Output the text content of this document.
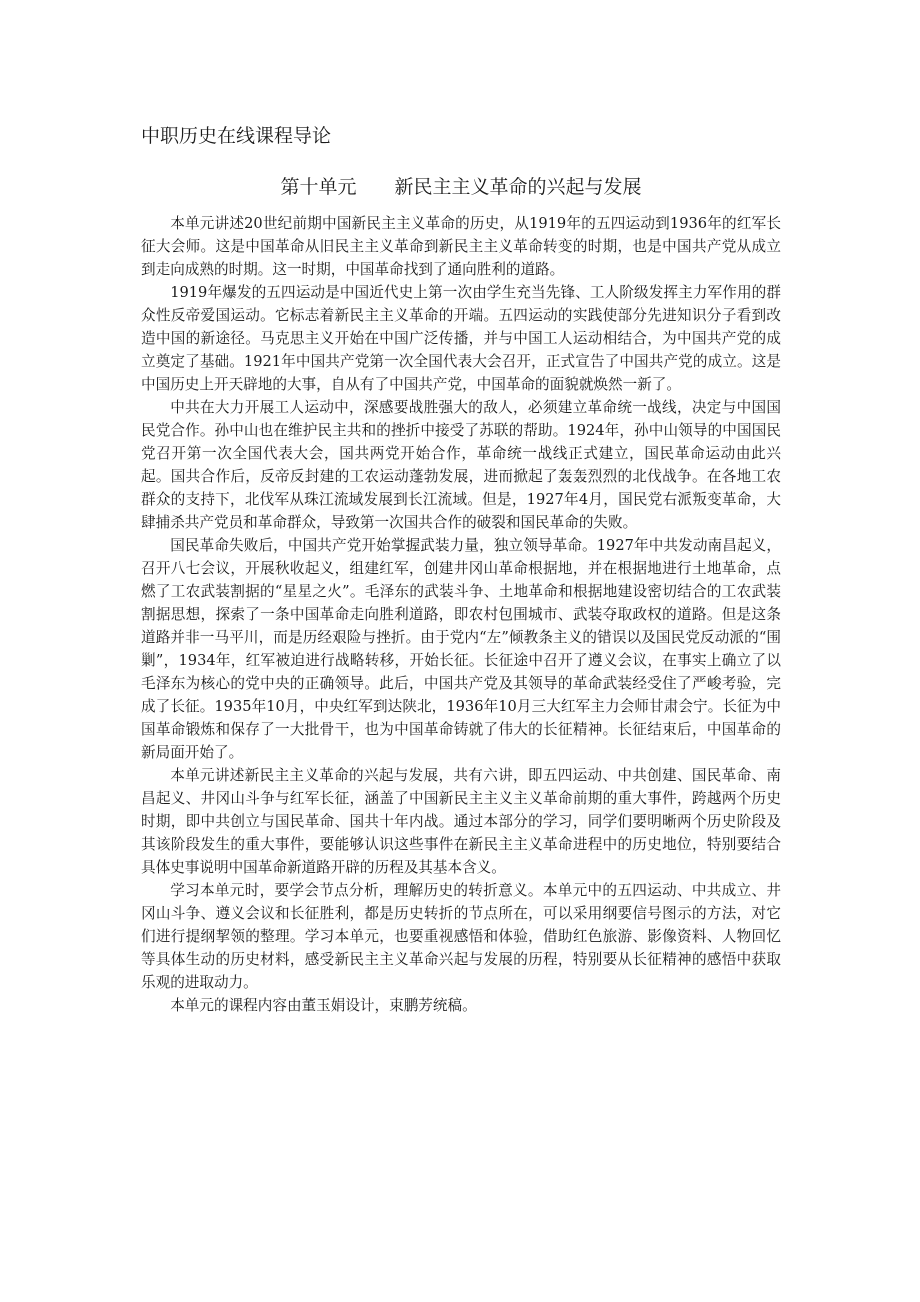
中职历史在线课程导论
第十单元　　新民主主义革命的兴起与发展

本单元讲述20世纪前期中国新民主主义革命的历史，从1919年的五四运动到1936年的红军长征大会师。这是中国革命从旧民主主义革命到新民主主义革命转变的时期，也是中国共产党从成立到走向成熟的时期。这一时期，中国革命找到了通向胜利的道路。

1919年爆发的五四运动是中国近代史上第一次由学生充当先锋、工人阶级发挥主力军作用的群众性反帝爱国运动。它标志着新民主主义革命的开端。五四运动的实践使部分先进知识分子看到改造中国的新途径。马克思主义开始在中国广泛传播，并与中国工人运动相结合，为中国共产党的成立奠定了基础。1921年中国共产党第一次全国代表大会召开，正式宣告了中国共产党的成立。这是中国历史上开天辟地的大事，自从有了中国共产党，中国革命的面貌就焕然一新了。

中共在大力开展工人运动中，深感要战胜强大的敌人，必须建立革命统一战线，决定与中国国民党合作。孙中山也在维护民主共和的挫折中接受了苏联的帮助。1924年，孙中山领导的中国国民党召开第一次全国代表大会，国共两党开始合作，革命统一战线正式建立，国民革命运动由此兴起。国共合作后，反帝反封建的工农运动蓬勃发展，进而掀起了轰轰烈烈的北伐战争。在各地工农群众的支持下，北伐军从珠江流域发展到长江流域。但是，1927年4月，国民党右派叛变革命，大肆捕杀共产党员和革命群众，导致第一次国共合作的破裂和国民革命的失败。

国民革命失败后，中国共产党开始掌握武装力量，独立领导革命。1927年中共发动南昌起义，召开八七会议，开展秋收起义，组建红军，创建井冈山革命根据地，并在根据地进行土地革命，点燃了工农武装割据的“星星之火”。毛泽东的武装斗争、土地革命和根据地建设密切结合的工农武装割据思想，探索了一条中国革命走向胜利道路，即农村包围城市、武装夺取政权的道路。但是这条道路并非一马平川，而是历经艰险与挫折。由于党内“左”倾教条主义的错误以及国民党反动派的“围剿”，1934年，红军被迫进行战略转移，开始长征。长征途中召开了遵义会议，在事实上确立了以毛泽东为核心的党中央的正确领导。此后，中国共产党及其领导的革命武装经受住了严峻考验，完成了长征。1935年10月，中央红军到达陕北，1936年10月三大红军主力会师甘肃会宁。长征为中国革命锻炼和保存了一大批骨干，也为中国革命铸就了伟大的长征精神。长征结束后，中国革命的新局面开始了。

本单元讲述新民主主义革命的兴起与发展，共有六讲，即五四运动、中共创建、国民革命、南昌起义、井冈山斗争与红军长征，涵盖了中国新民主主义主义革命前期的重大事件，跨越两个历史时期，即中共创立与国民革命、国共十年内战。通过本部分的学习，同学们要明晰两个历史阶段及其该阶段发生的重大事件，要能够认识这些事件在新民主主义革命进程中的历史地位，特别要结合具体史事说明中国革命新道路开辟的历程及其基本含义。

学习本单元时，要学会节点分析，理解历史的转折意义。本单元中的五四运动、中共成立、井冈山斗争、遵义会议和长征胜利，都是历史转折的节点所在，可以采用纲要信号图示的方法，对它们进行提纲挈领的整理。学习本单元，也要重视感悟和体验，借助红色旅游、影像资料、人物回忆等具体生动的历史材料，感受新民主主义革命兴起与发展的历程，特别要从长征精神的感悟中获取乐观的进取动力。

本单元的课程内容由董玉娟设计，束鹏芳统稿。
